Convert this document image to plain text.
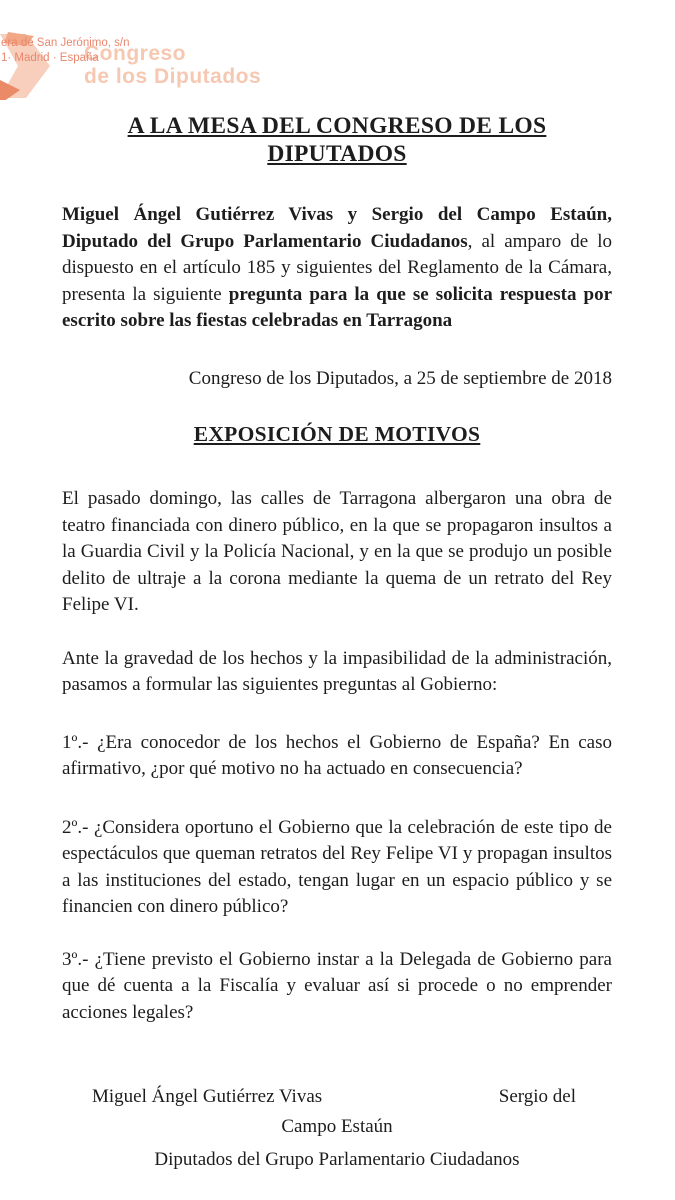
era de San Jerónimo, s/n
1· Madrid · España
Congreso
de los Diputados
A LA MESA DEL CONGRESO DE LOS DIPUTADOS

Miguel Ángel Gutiérrez Vivas y Sergio del Campo Estaún, Diputado del Grupo Parlamentario Ciudadanos, al amparo de lo dispuesto en el artículo 185 y siguientes del Reglamento de la Cámara, presenta la siguiente pregunta para la que se solicita respuesta por escrito sobre las fiestas celebradas en Tarragona

Congreso de los Diputados, a 25 de septiembre de 2018

EXPOSICIÓN DE MOTIVOS

El pasado domingo, las calles de Tarragona albergaron una obra de teatro financiada con dinero público, en la que se propagaron insultos a la Guardia Civil y la Policía Nacional, y en la que se produjo un posible delito de ultraje a la corona mediante la quema de un retrato del Rey Felipe VI.

Ante la gravedad de los hechos y la impasibilidad de la administración, pasamos a formular las siguientes preguntas al Gobierno:

1º.- ¿Era conocedor de los hechos el Gobierno de España? En caso afirmativo, ¿por qué motivo no ha actuado en consecuencia?

2º.- ¿Considera oportuno el Gobierno que la celebración de este tipo de espectáculos que queman retratos del Rey Felipe VI y propagan insultos a las instituciones del estado, tengan lugar en un espacio público y se financien con dinero público?

3º.- ¿Tiene previsto el Gobierno instar a la Delegada de Gobierno para que dé cuenta a la Fiscalía y evaluar así si procede o no emprender acciones legales?

Miguel Ángel Gutiérrez Vivas	Sergio del
Campo Estaún
Diputados del Grupo Parlamentario Ciudadanos
